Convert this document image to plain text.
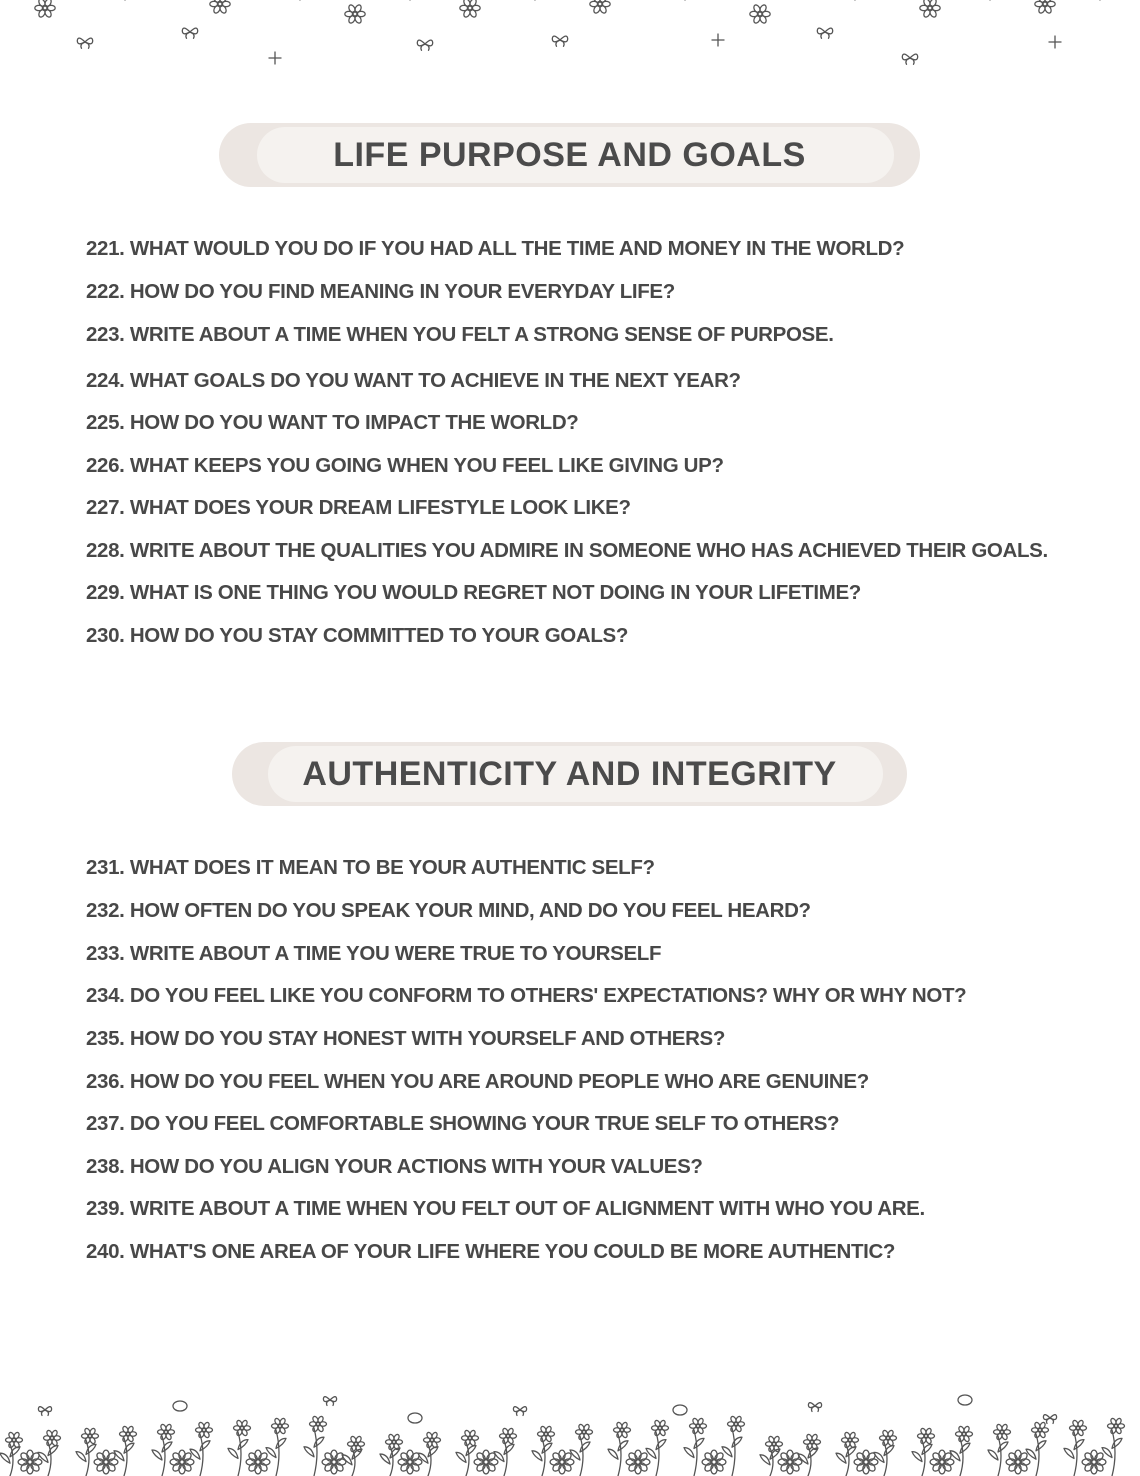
LIFE PURPOSE AND GOALS
221. WHAT WOULD YOU DO IF YOU HAD ALL THE TIME AND MONEY IN THE WORLD?
222. HOW DO YOU FIND MEANING IN YOUR EVERYDAY LIFE?
223. WRITE ABOUT A TIME WHEN YOU FELT A STRONG SENSE OF PURPOSE.
224. WHAT GOALS DO YOU WANT TO ACHIEVE IN THE NEXT YEAR?
225. HOW DO YOU WANT TO IMPACT THE WORLD?
226. WHAT KEEPS YOU GOING WHEN YOU FEEL LIKE GIVING UP?
227. WHAT DOES YOUR DREAM LIFESTYLE LOOK LIKE?
228. WRITE ABOUT THE QUALITIES YOU ADMIRE IN SOMEONE WHO HAS ACHIEVED THEIR GOALS.
229. WHAT IS ONE THING YOU WOULD REGRET NOT DOING IN YOUR LIFETIME?
230. HOW DO YOU STAY COMMITTED TO YOUR GOALS?
AUTHENTICITY AND INTEGRITY
231. WHAT DOES IT MEAN TO BE YOUR AUTHENTIC SELF?
232. HOW OFTEN DO YOU SPEAK YOUR MIND, AND DO YOU FEEL HEARD?
233. WRITE ABOUT A TIME YOU WERE TRUE TO YOURSELF
234. DO YOU FEEL LIKE YOU CONFORM TO OTHERS' EXPECTATIONS? WHY OR WHY NOT?
235. HOW DO YOU STAY HONEST WITH YOURSELF AND OTHERS?
236. HOW DO YOU FEEL WHEN YOU ARE AROUND PEOPLE WHO ARE GENUINE?
237. DO YOU FEEL COMFORTABLE SHOWING YOUR TRUE SELF TO OTHERS?
238. HOW DO YOU ALIGN YOUR ACTIONS WITH YOUR VALUES?
239. WRITE ABOUT A TIME WHEN YOU FELT OUT OF ALIGNMENT WITH WHO YOU ARE.
240. WHAT'S ONE AREA OF YOUR LIFE WHERE YOU COULD BE MORE AUTHENTIC?
